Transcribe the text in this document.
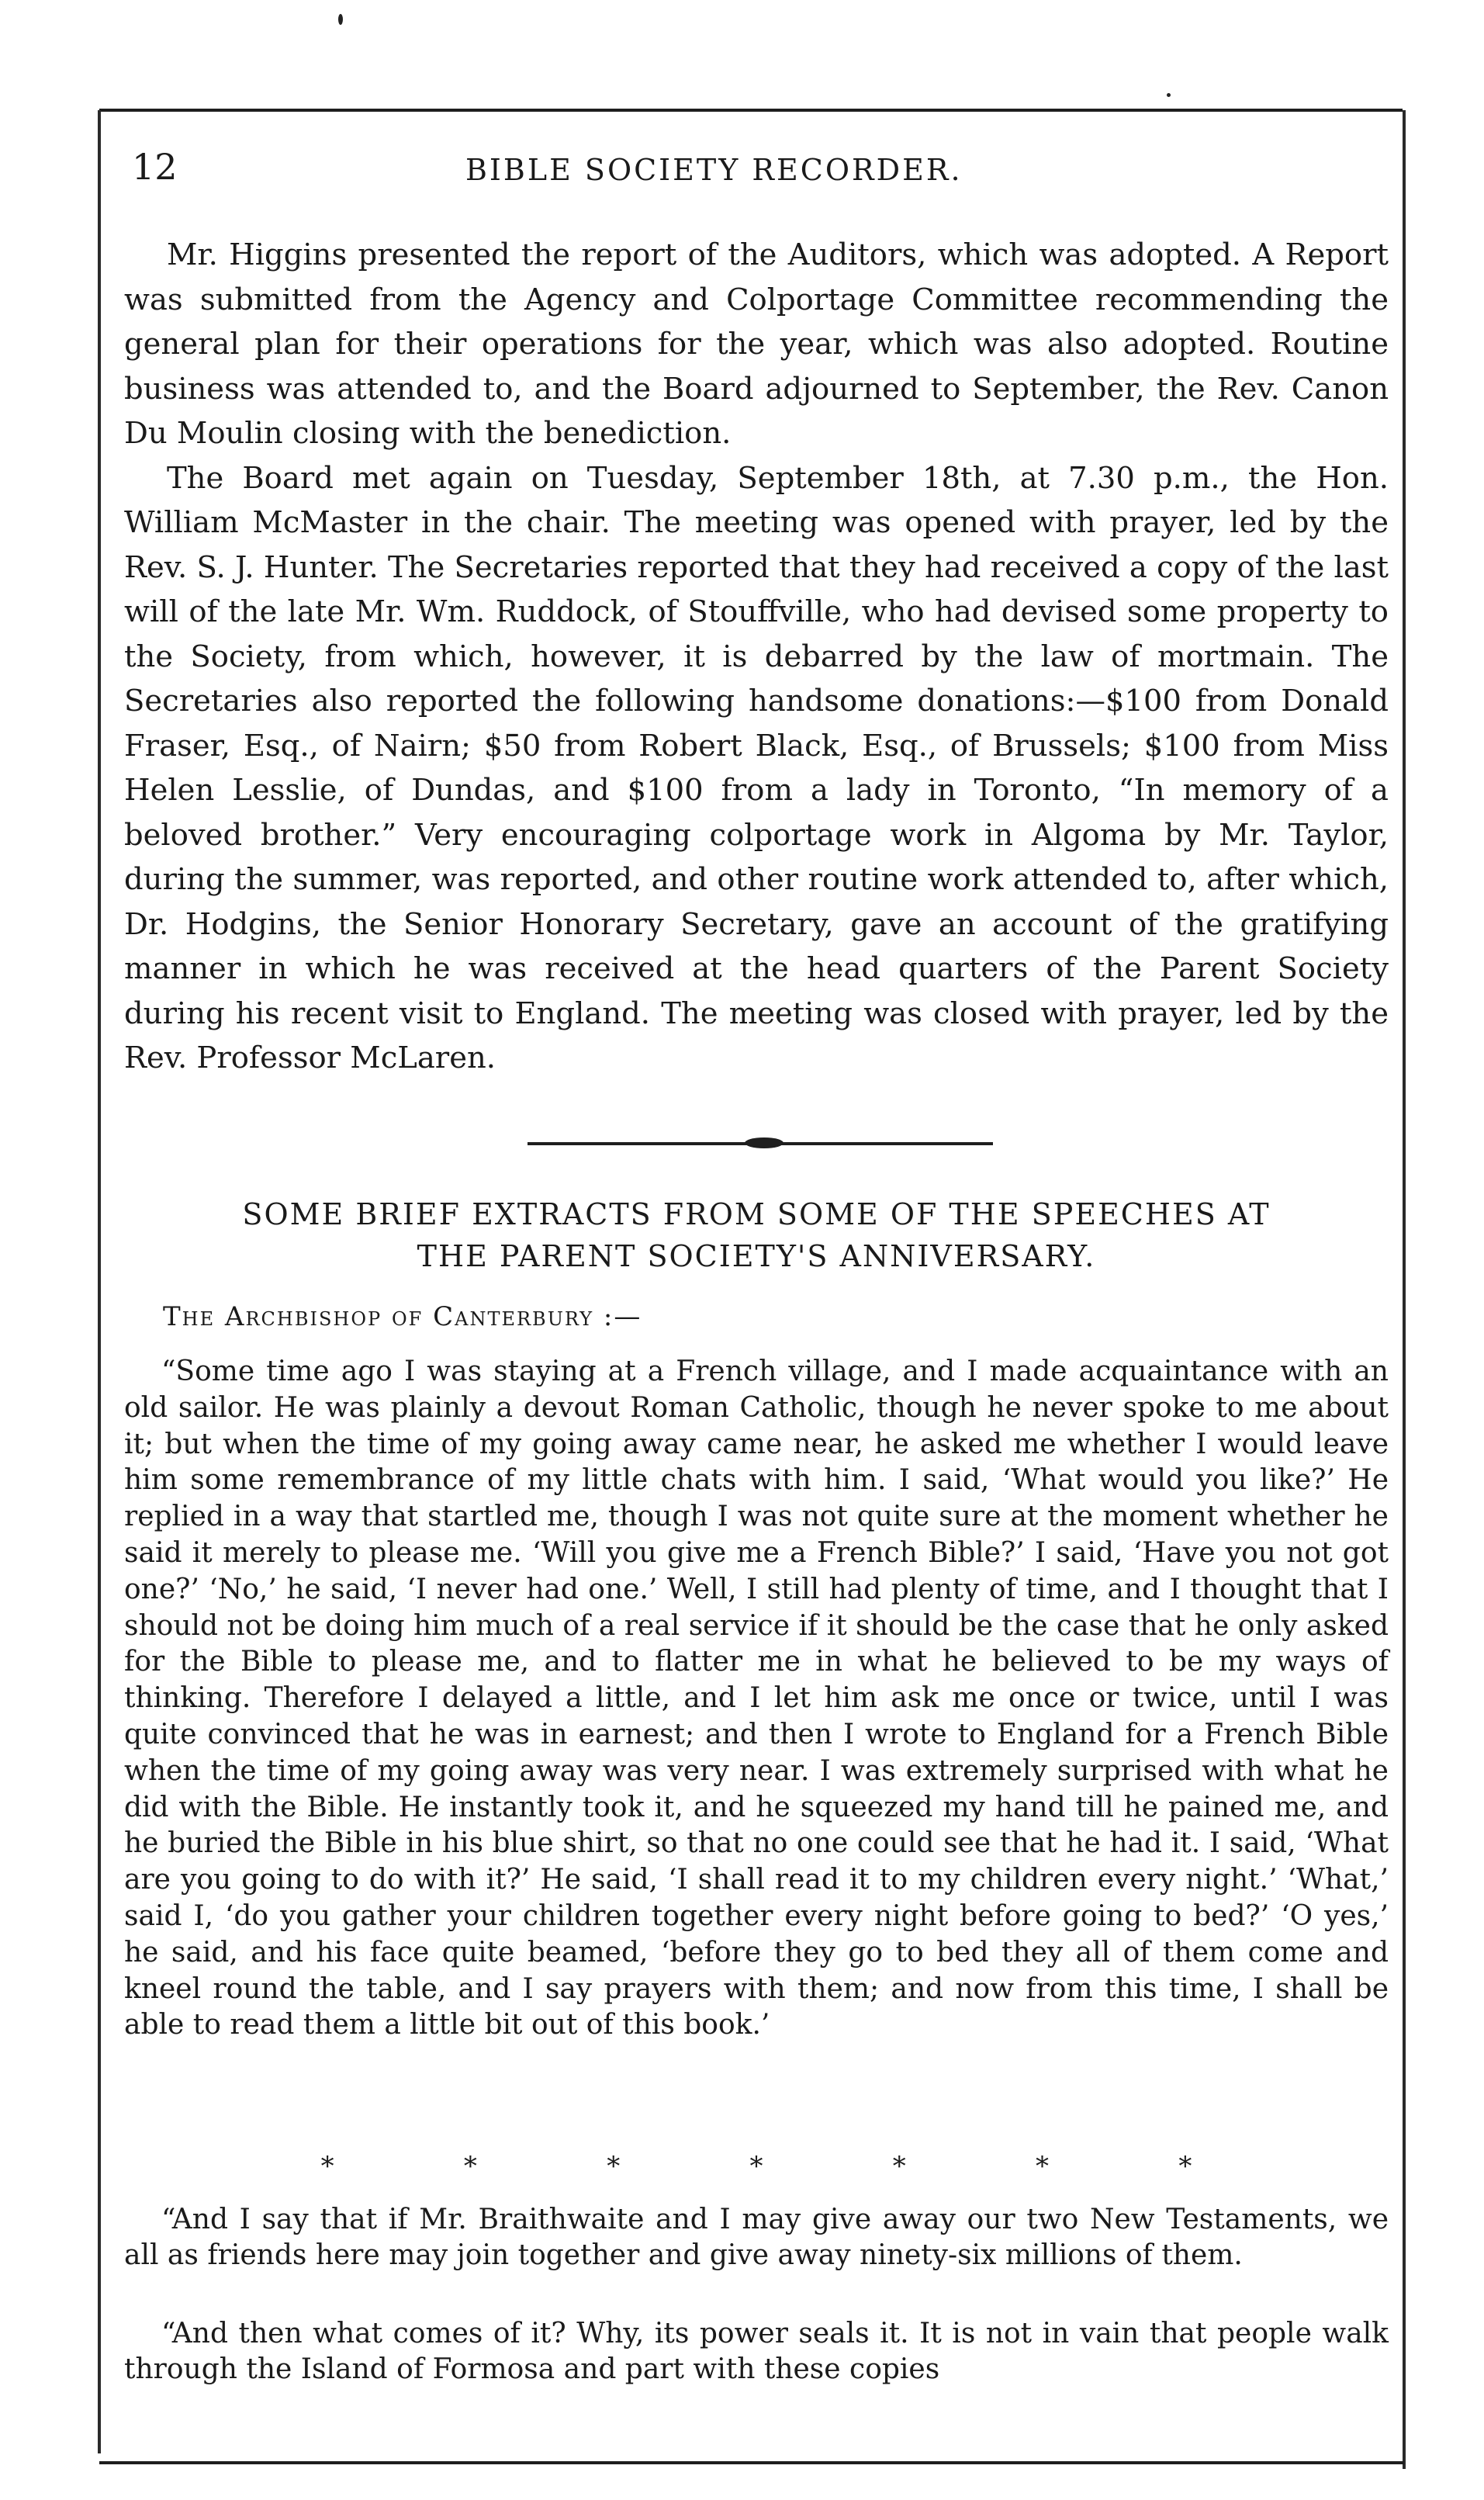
12	BIBLE SOCIETY RECORDER.

Mr. Higgins presented the report of the Auditors, which was adopted. A Report was submitted from the Agency and Colportage Committee recommending the general plan for their operations for the year, which was also adopted. Routine business was attended to, and the Board adjourned to September, the Rev. Canon Du Moulin closing with the benediction.

The Board met again on Tuesday, September 18th, at 7.30 p.m., the Hon. William McMaster in the chair. The meeting was opened with prayer, led by the Rev. S. J. Hunter. The Secretaries reported that they had received a copy of the last will of the late Mr. Wm. Ruddock, of Stouffville, who had devised some property to the Society, from which, however, it is debarred by the law of mortmain. The Secretaries also reported the following handsome donations:—$100 from Donald Fraser, Esq., of Nairn; $50 from Robert Black, Esq., of Brussels; $100 from Miss Helen Lesslie, of Dundas, and $100 from a lady in Toronto, “In memory of a beloved brother.” Very encouraging colportage work in Algoma by Mr. Taylor, during the summer, was reported, and other routine work attended to, after which, Dr. Hodgins, the Senior Honorary Secretary, gave an account of the gratifying manner in which he was received at the head quarters of the Parent Society during his recent visit to England. The meeting was closed with prayer, led by the Rev. Professor McLaren.

SOME BRIEF EXTRACTS FROM SOME OF THE SPEECHES AT
THE PARENT SOCIETY'S ANNIVERSARY.
The Archbishop of Canterbury :—

“Some time ago I was staying at a French village, and I made acquaintance with an old sailor. He was plainly a devout Roman Catholic, though he never spoke to me about it; but when the time of my going away came near, he asked me whether I would leave him some remembrance of my little chats with him. I said, ‘What would you like?’ He replied in a way that startled me, though I was not quite sure at the moment whether he said it merely to please me. ‘Will you give me a French Bible?’ I said, ‘Have you not got one?’ ‘No,’ he said, ‘I never had one.’ Well, I still had plenty of time, and I thought that I should not be doing him much of a real service if it should be the case that he only asked for the Bible to please me, and to flatter me in what he believed to be my ways of thinking. Therefore I delayed a little, and I let him ask me once or twice, until I was quite convinced that he was in earnest; and then I wrote to England for a French Bible when the time of my going away was very near. I was extremely surprised with what he did with the Bible. He instantly took it, and he squeezed my hand till he pained me, and he buried the Bible in his blue shirt, so that no one could see that he had it. I said, ‘What are you going to do with it?’ He said, ‘I shall read it to my children every night.’ ‘What,’ said I, ‘do you gather your children together every night before going to bed?’ ‘O yes,’ he said, and his face quite beamed, ‘before they go to bed they all of them come and kneel round the table, and I say prayers with them; and now from this time, I shall be able to read them a little bit out of this book.’

*	*	*	*	*	*	*

“And I say that if Mr. Braithwaite and I may give away our two New Testaments, we all as friends here may join together and give away ninety-six millions of them.

“And then what comes of it? Why, its power seals it. It is not in vain that people walk through the Island of Formosa and part with these copies
